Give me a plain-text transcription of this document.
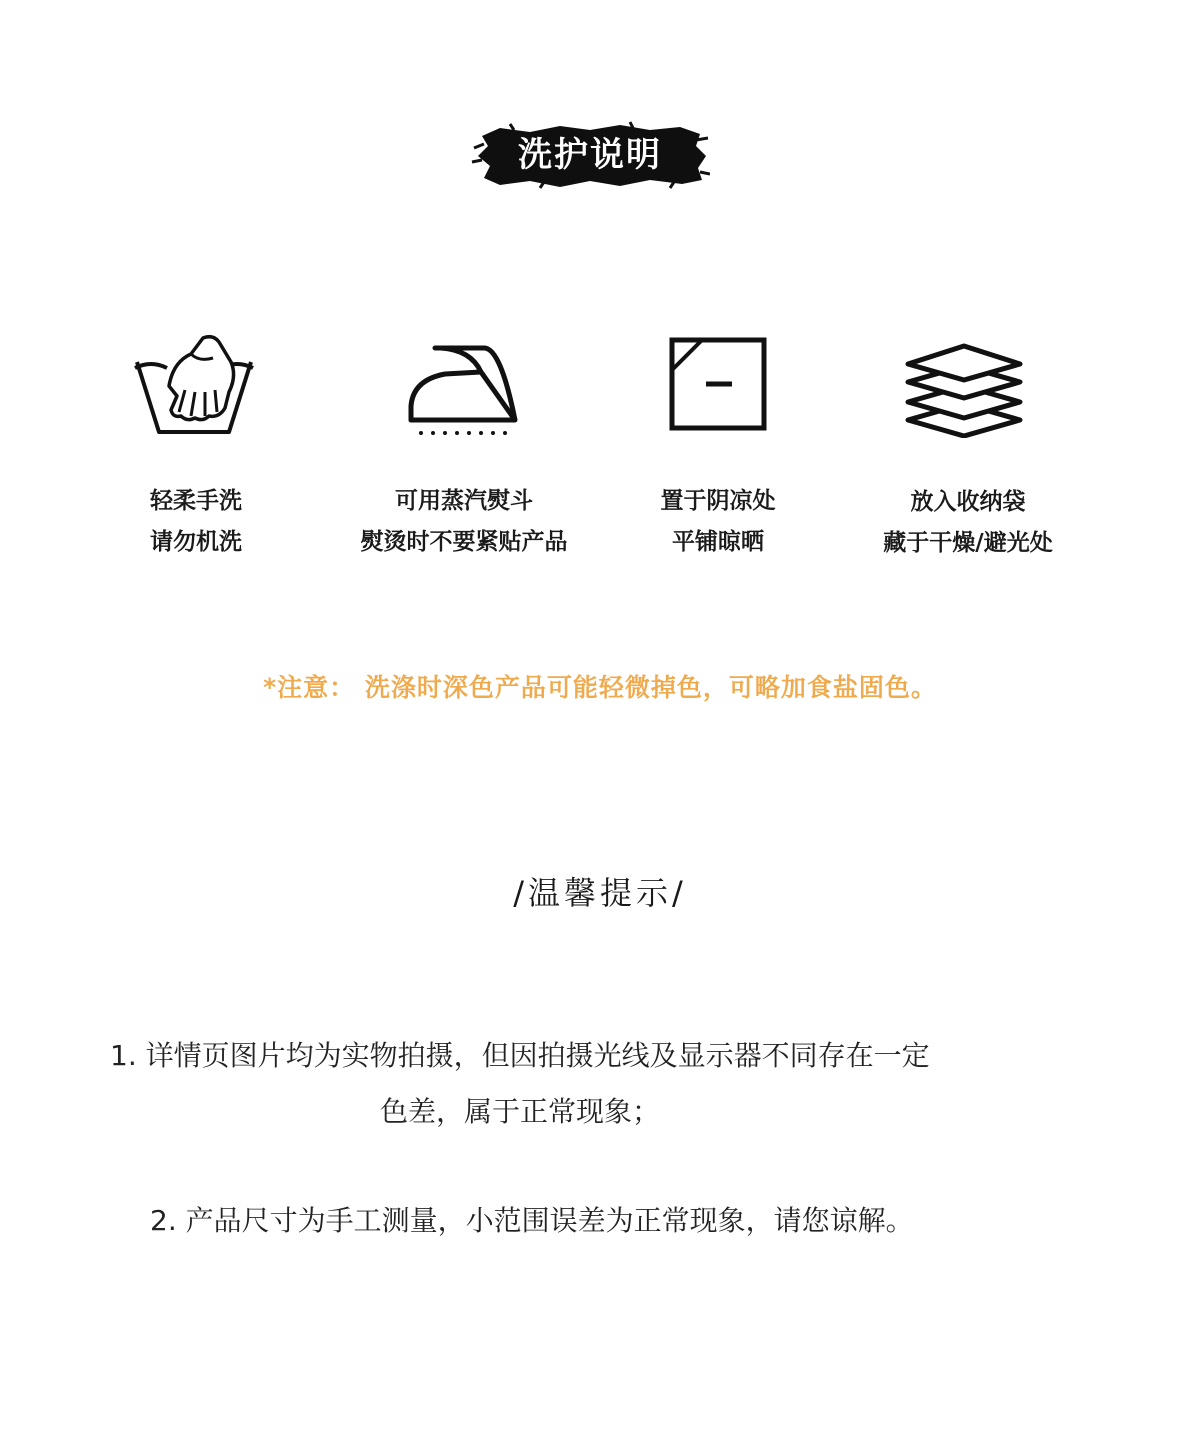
洗护说明
轻柔手洗
请勿机洗
可用蒸汽熨斗
熨烫时不要紧贴产品
置于阴凉处
平铺晾晒
放入收纳袋
藏于干燥/避光处
*注意： 洗涤时深色产品可能轻微掉色，可略加食盐固色。
/温馨提示/
1. 详情页图片均为实物拍摄，但因拍摄光线及显示器不同存在一定
色差，属于正常现象；
2. 产品尺寸为手工测量，小范围误差为正常现象，请您谅解。
